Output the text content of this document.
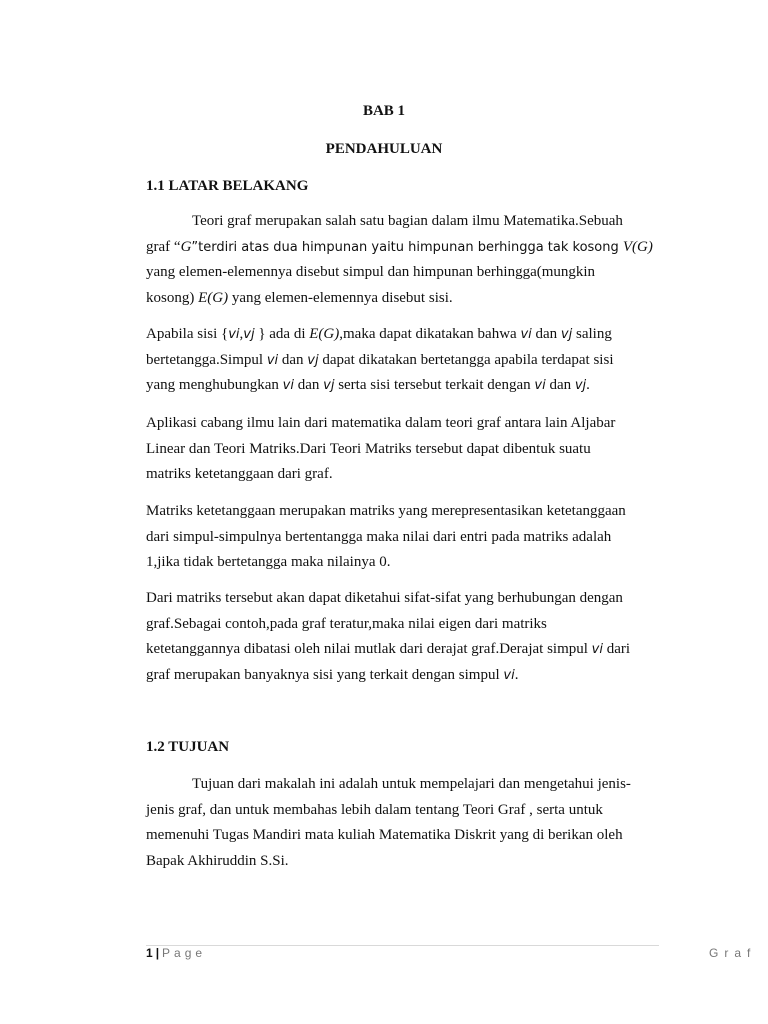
BAB 1

PENDAHULUAN

1.1 LATAR BELAKANG

Teori graf merupakan salah satu bagian dalam ilmu Matematika.Sebuah
graf “G”terdiri atas dua himpunan yaitu himpunan berhingga tak kosong V(G)
yang elemen-elemennya disebut simpul dan himpunan berhingga(mungkin
kosong) E(G) yang elemen-elemennya disebut sisi.

Apabila sisi {vi,vj } ada di E(G),maka dapat dikatakan bahwa vi dan vj saling
bertetangga.Simpul vi dan vj dapat dikatakan bertetangga apabila terdapat sisi
yang menghubungkan vi dan vj serta sisi tersebut terkait dengan vi dan vj.

Aplikasi cabang ilmu lain dari matematika dalam teori graf antara lain Aljabar
Linear dan Teori Matriks.Dari Teori Matriks tersebut dapat dibentuk suatu
matriks ketetanggaan dari graf.

Matriks ketetanggaan merupakan matriks yang merepresentasikan ketetanggaan
dari simpul-simpulnya bertentangga maka nilai dari entri pada matriks adalah
1,jika tidak bertetangga maka nilainya 0.

Dari matriks tersebut akan dapat diketahui sifat-sifat yang berhubungan dengan
graf.Sebagai contoh,pada graf teratur,maka nilai eigen dari matriks
ketetanggannya dibatasi oleh nilai mutlak dari derajat graf.Derajat simpul vi dari
graf merupakan banyaknya sisi yang terkait dengan simpul vi.

1.2 TUJUAN

Tujuan dari makalah ini adalah untuk mempelajari dan mengetahui jenis-
jenis graf, dan untuk membahas lebih dalam tentang Teori Graf , serta untuk
memenuhi Tugas Mandiri mata kuliah Matematika Diskrit yang di berikan oleh
Bapak Akhiruddin S.Si.

1 | Page	Graf
